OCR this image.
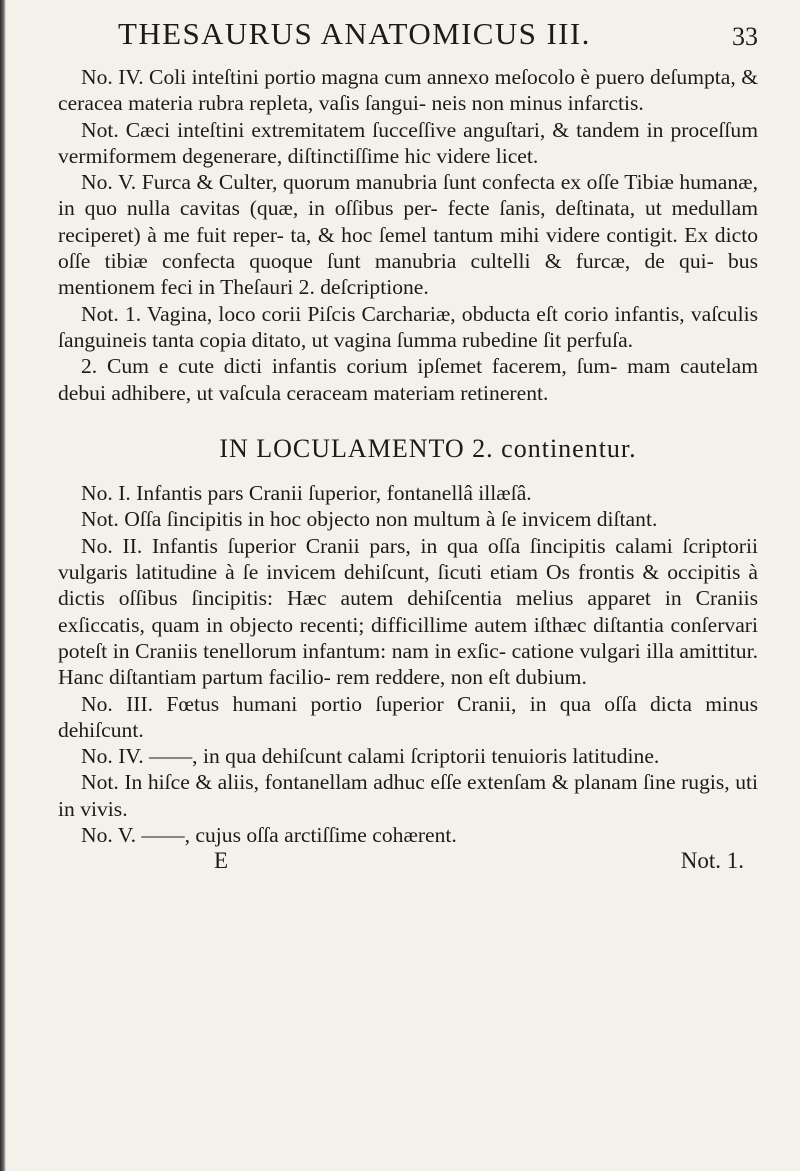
THESAURUS ANATOMICUS III.	33

No. IV. Coli inteſtini portio magna cum annexo meſocolo è puero deſumpta, & ceracea materia rubra repleta, vaſis ſangui- neis non minus infarctis.

Not. Cæci inteſtini extremitatem ſucceſſive anguſtari, & tandem in proceſſum vermiformem degenerare, diſtinctiſſime hic videre licet.

No. V. Furca & Culter, quorum manubria ſunt confecta ex oſſe Tibiæ humanæ, in quo nulla cavitas (quæ, in oſſibus per- fecte ſanis, deſtinata, ut medullam reciperet) à me fuit reper- ta, & hoc ſemel tantum mihi videre contigit. Ex dicto oſſe tibiæ confecta quoque ſunt manubria cultelli & furcæ, de qui- bus mentionem feci in Theſauri 2. deſcriptione.

Not. 1. Vagina, loco corii Piſcis Carchariæ, obducta eſt corio infantis, vaſculis ſanguineis tanta copia ditato, ut vagina ſumma rubedine ſit perfuſa.

2. Cum e cute dicti infantis corium ipſemet facerem, ſum- mam cautelam debui adhibere, ut vaſcula ceraceam materiam retinerent.

IN LOCULAMENTO 2. continentur.

No. I. Infantis pars Cranii ſuperior, fontanellâ illæſâ.

Not. Oſſa ſincipitis in hoc objecto non multum à ſe invicem diſtant.

No. II. Infantis ſuperior Cranii pars, in qua oſſa ſincipitis calami ſcriptorii vulgaris latitudine à ſe invicem dehiſcunt, ſicuti etiam Os frontis & occipitis à dictis oſſibus ſincipitis: Hæc autem dehiſcentia melius apparet in Craniis exſiccatis, quam in objecto recenti; difficillime autem iſthæc diſtantia conſervari poteſt in Craniis tenellorum infantum: nam in exſic- catione vulgari illa amittitur. Hanc diſtantiam partum facilio- rem reddere, non eſt dubium.

No. III. Fœtus humani portio ſuperior Cranii, in qua oſſa dicta minus dehiſcunt.

No. IV. ——, in qua dehiſcunt calami ſcriptorii tenuioris latitudine.

Not. In hiſce & aliis, fontanellam adhuc eſſe extenſam & planam ſine rugis, uti in vivis.

No. V. ——, cujus oſſa arctiſſime cohærent.

E	Not. 1.
